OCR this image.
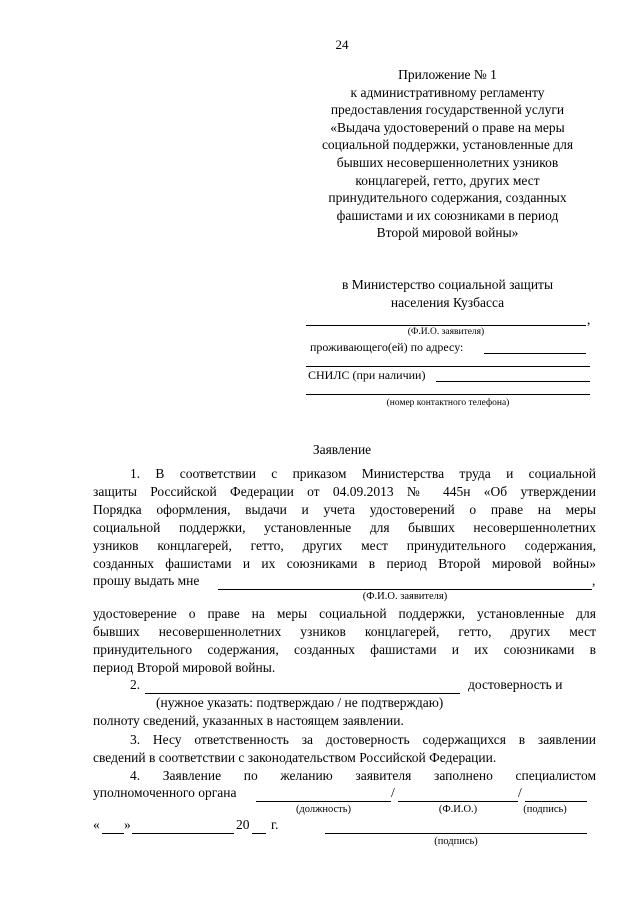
24
Приложение № 1
к административному регламенту
предоставления государственной услуги
«Выдача удостоверений о праве на меры
социальной поддержки, установленные для
бывших несовершеннолетних узников
концлагерей, гетто, других мест
принудительного содержания, созданных
фашистами и их союзниками в период
Второй мировой войны»
в Министерство социальной защиты
населения Кузбасса
,
(Ф.И.О. заявителя)
проживающего(ей) по адресу:
СНИЛС (при наличии)
(номер контактного телефона)
Заявление
1. В соответствии с приказом Министерства труда и социальной
защиты Российской Федерации от 04.09.2013 № 445н «Об утверждении
Порядка оформления, выдачи и учета удостоверений о праве на меры
социальной поддержки, установленные для бывших несовершеннолетних
узников концлагерей, гетто, других мест принудительного содержания,
созданных фашистами и их союзниками в период Второй мировой войны»
прошу выдать мне	,
(Ф.И.О. заявителя)
удостоверение о праве на меры социальной поддержки, установленные для
бывших несовершеннолетних узников концлагерей, гетто, других мест
принудительного содержания, созданных фашистами и их союзниками в
период Второй мировой войны.
2.	достоверность и
(нужное указать: подтверждаю / не подтверждаю)
полноту сведений, указанных в настоящем заявлении.
3. Несу ответственность за достоверность содержащихся в заявлении
сведений в соответствии с законодательством Российской Федерации.
4. Заявление по желанию заявителя заполнено специалистом
уполномоченного органа	/	/
(должность)	(Ф.И.О.)	(подпись)
« »	20 г.
(подпись)
